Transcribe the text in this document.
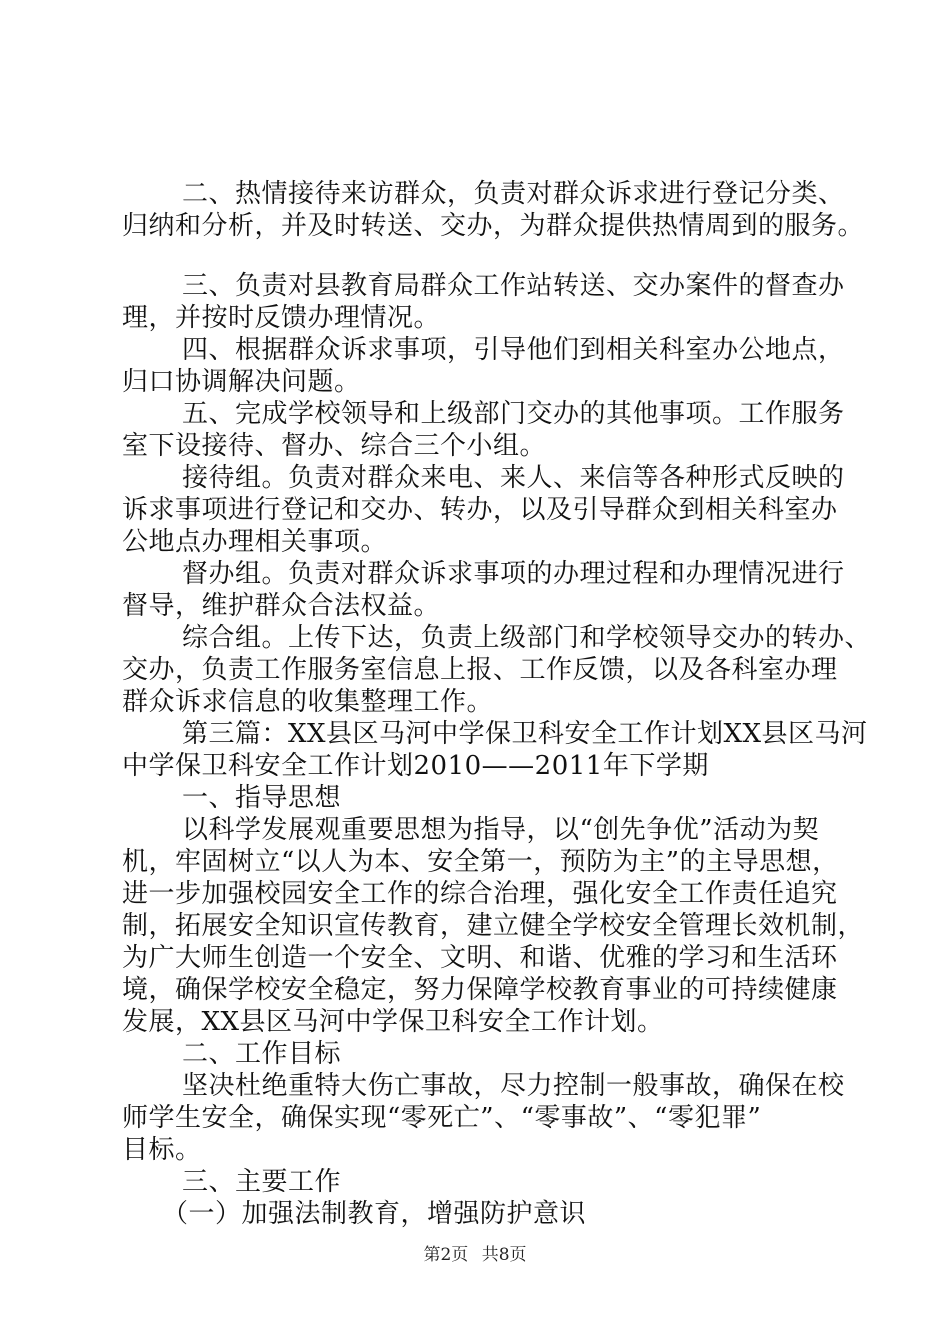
二、热情接待来访群众，负责对群众诉求进行登记分类、
归纳和分析，并及时转送、交办，为群众提供热情周到的服务。
三、负责对县教育局群众工作站转送、交办案件的督查办
理，并按时反馈办理情况。
四、根据群众诉求事项，引导他们到相关科室办公地点，
归口协调解决问题。
五、完成学校领导和上级部门交办的其他事项。工作服务
室下设接待、督办、综合三个小组。
接待组。负责对群众来电、来人、来信等各种形式反映的
诉求事项进行登记和交办、转办，以及引导群众到相关科室办
公地点办理相关事项。
督办组。负责对群众诉求事项的办理过程和办理情况进行
督导，维护群众合法权益。
综合组。上传下达，负责上级部门和学校领导交办的转办、
交办，负责工作服务室信息上报、工作反馈，以及各科室办理
群众诉求信息的收集整理工作。
第三篇：XX县区马河中学保卫科安全工作计划XX县区马河
中学保卫科安全工作计划2010——2011年下学期
一、指导思想
以科学发展观重要思想为指导，以“创先争优”活动为契
机，牢固树立“以人为本、安全第一，预防为主”的主导思想，
进一步加强校园安全工作的综合治理，强化安全工作责任追究
制，拓展安全知识宣传教育，建立健全学校安全管理长效机制，
为广大师生创造一个安全、文明、和谐、优雅的学习和生活环
境，确保学校安全稳定，努力保障学校教育事业的可持续健康
发展，XX县区马河中学保卫科安全工作计划。
二、工作目标
坚决杜绝重特大伤亡事故，尽力控制一般事故，确保在校
师学生安全，确保实现“零死亡”、“零事故”、“零犯罪”
目标。
三、主要工作
（一）加强法制教育，增强防护意识
第2页 共8页
